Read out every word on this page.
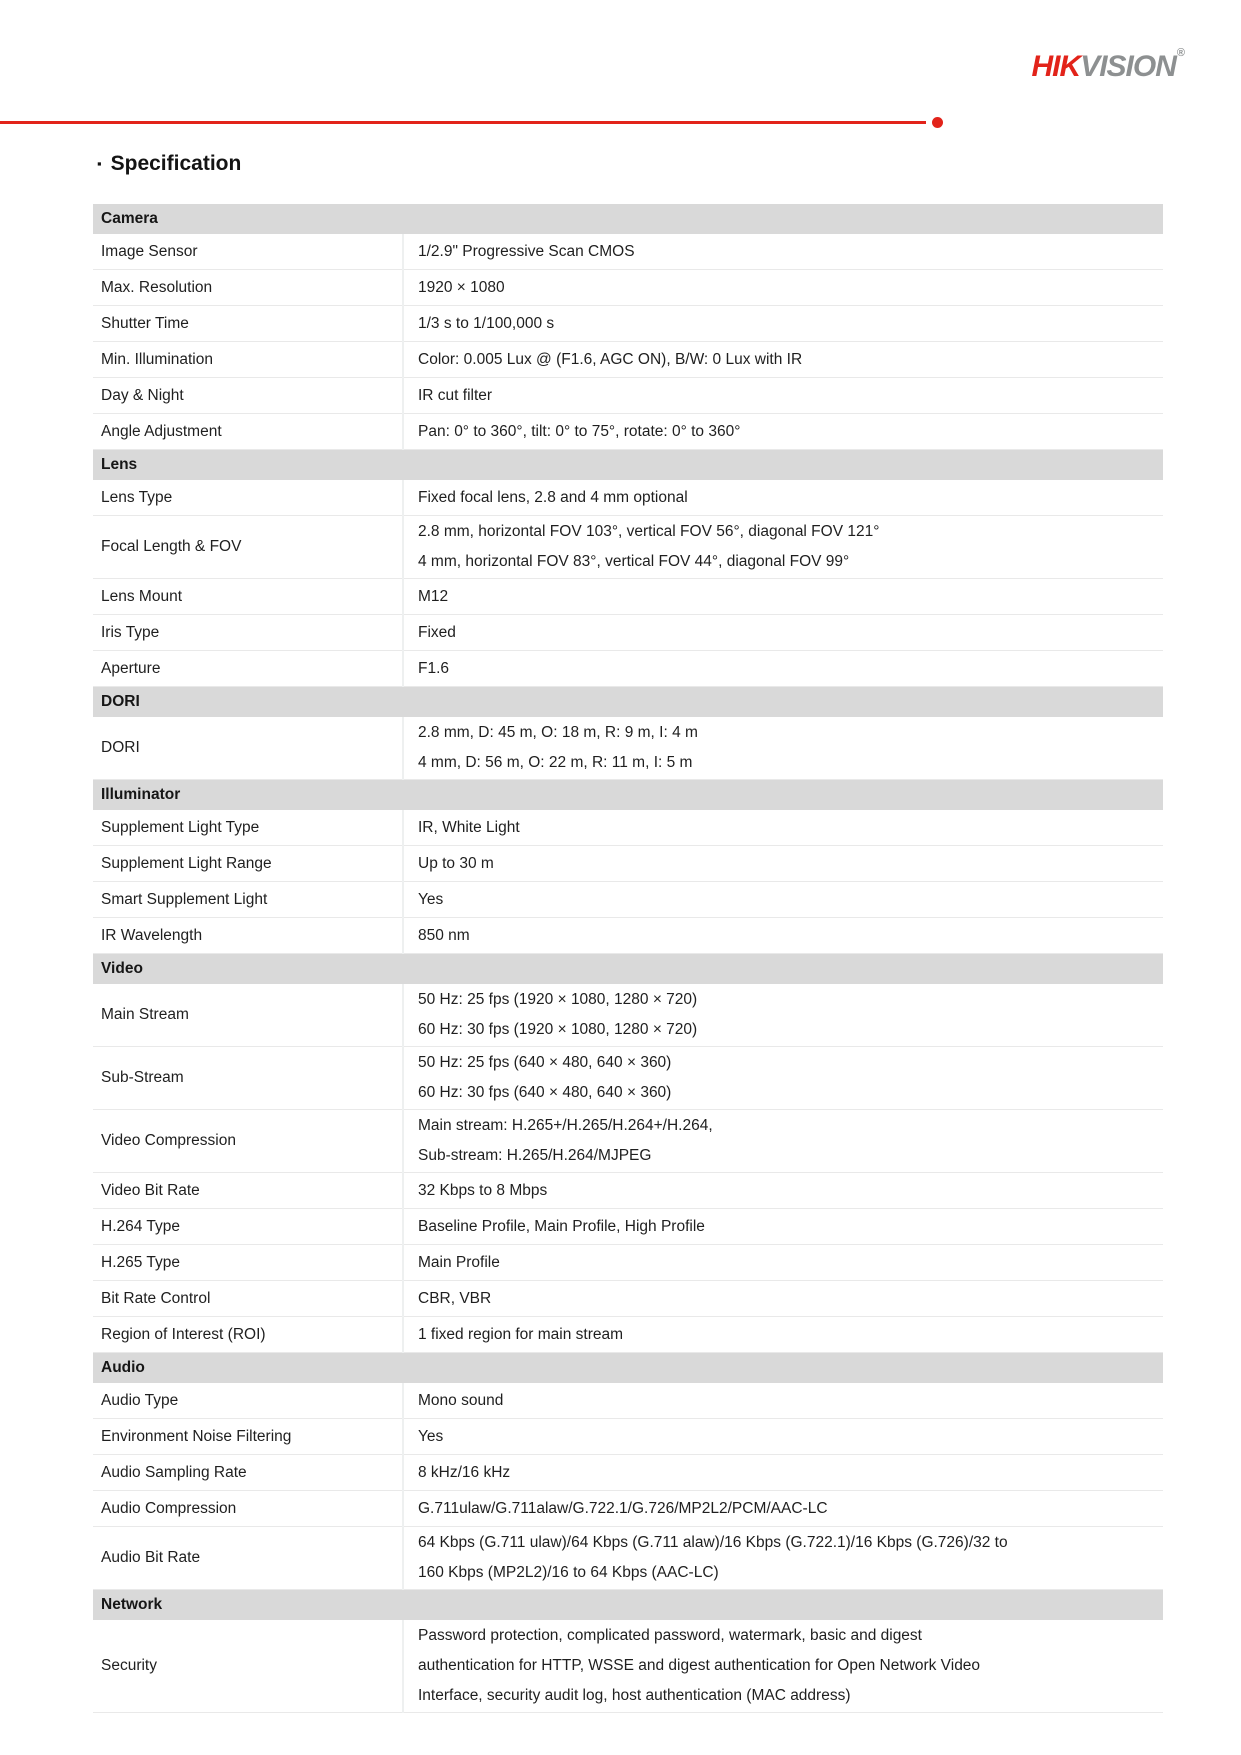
HIKVISION®
▪ Specification
Camera	
Image Sensor	1/2.9" Progressive Scan CMOS

Max. Resolution	1920 × 1080

Shutter Time	1/3 s to 1/100,000 s

Min. Illumination	Color: 0.005 Lux @ (F1.6, AGC ON), B/W: 0 Lux with IR

Day & Night	IR cut filter

Angle Adjustment	Pan: 0° to 360°, tilt: 0° to 75°, rotate: 0° to 360°

Lens	
Lens Type	Fixed focal lens, 2.8 and 4 mm optional

Focal Length & FOV	2.8 mm, horizontal FOV 103°, vertical FOV 56°, diagonal FOV 121°
4 mm, horizontal FOV 83°, vertical FOV 44°, diagonal FOV 99°

Lens Mount	M12

Iris Type	Fixed

Aperture	F1.6

DORI	
DORI	2.8 mm, D: 45 m, O: 18 m, R: 9 m, I: 4 m
4 mm, D: 56 m, O: 22 m, R: 11 m, I: 5 m

Illuminator	
Supplement Light Type	IR, White Light

Supplement Light Range	Up to 30 m

Smart Supplement Light	Yes

IR Wavelength	850 nm

Video	
Main Stream	50 Hz: 25 fps (1920 × 1080, 1280 × 720)
60 Hz: 30 fps (1920 × 1080, 1280 × 720)

Sub-Stream	50 Hz: 25 fps (640 × 480, 640 × 360)
60 Hz: 30 fps (640 × 480, 640 × 360)

Video Compression	Main stream: H.265+/H.265/H.264+/H.264,
Sub-stream: H.265/H.264/MJPEG

Video Bit Rate	32 Kbps to 8 Mbps

H.264 Type	Baseline Profile, Main Profile, High Profile

H.265 Type	Main Profile

Bit Rate Control	CBR, VBR

Region of Interest (ROI)	1 fixed region for main stream

Audio	
Audio Type	Mono sound

Environment Noise Filtering	Yes

Audio Sampling Rate	8 kHz/16 kHz

Audio Compression	G.711ulaw/G.711alaw/G.722.1/G.726/MP2L2/PCM/AAC-LC

Audio Bit Rate	64 Kbps (G.711 ulaw)/64 Kbps (G.711 alaw)/16 Kbps (G.722.1)/16 Kbps (G.726)/32 to
160 Kbps (MP2L2)/16 to 64 Kbps (AAC-LC)

Network	
Security	Password protection, complicated password, watermark, basic and digest
authentication for HTTP, WSSE and digest authentication for Open Network Video
Interface, security audit log, host authentication (MAC address)
